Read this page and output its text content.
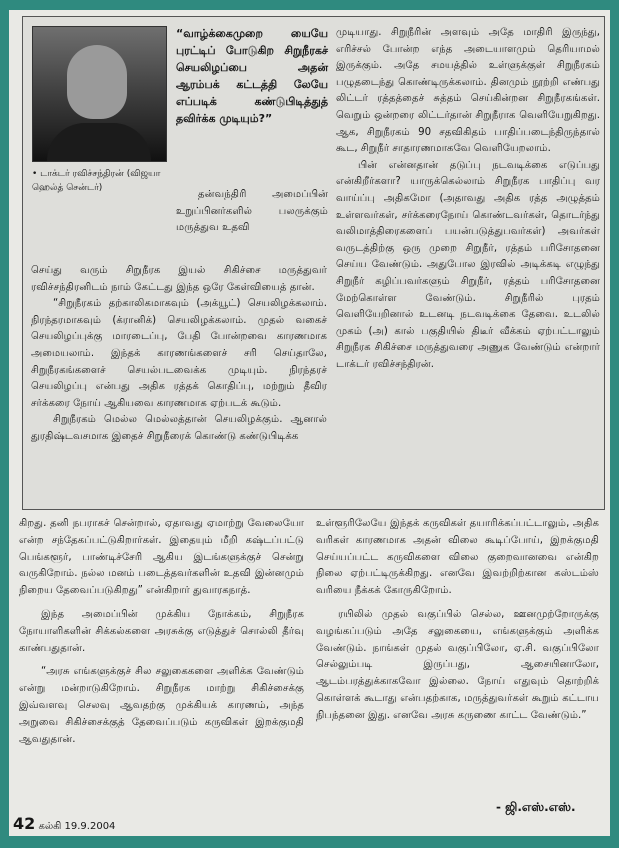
• டாக்டர் ரவிச்சந்திரன் (விஜயா ஹெல்த் சென்டர்)

“வாழ்க்கைமுறை யையே புரட்டிப் போடுகிற சிறுநீரகச் செயலிழப்பை அதன் ஆரம்பக் கட்டத்தி லேயே எப்படிக் கண்டுபிடித்துத் தவிர்க்க முடியும்?”

தன்வந்திரி அமைப்பின் உறுப்பினர்களில் பலருக்கும் மருத்துவ உதவி

செய்து வரும் சிறுநீரக இயல் சிகிச்சை மருத்துவர் ரவிச்சந்திரனிடம் நாம் கேட்டது இந்த ஒரே கேள்வியைத் தான்.

“சிறுநீரகம் தற்காலிகமாகவும் (அக்யூட்) செயலிழக்கலாம். நிரந்தரமாகவும் (க்ரானிக்) செயலிழக்கலாம். முதல் வகைச் செயலிழப்புக்கு மாரடைப்பு, பேதி போன்றவை காரணமாக அமையலாம். இந்தக் காரணங்களைச் சரி செய்தாலே, சிறுநீரகங்களைச் செயல்படவைக்க முடியும். நிரந்தரச் செயலிழப்பு என்பது அதிக ரத்தக் கொதிப்பு, மற்றும் தீவிர சர்க்கரை நோய் ஆகியவை காரணமாக ஏற்படக் கூடும்.

சிறுநீரகம் மெல்ல மெல்லத்தான் செயலிழக்கும். ஆனால் துரதிஷ்டவசமாக இதைச் சிறுநீரைக் கொண்டு கண்டுபிடிக்க

முடியாது. சிறுநீரின் அளவும் அதே மாதிரி இருந்து, எரிச்சல் போன்ற எந்த அடையாளமும் தெரியாமல் இருக்கும். அதே சமயத்தில் உள்ளுக்குள் சிறுநீரகம் பழுதடைந்து கொண்டிருக்கலாம். தினமும் நூற்றி எண்பது லிட்டர் ரத்தத்தைச் சுத்தம் செய்கின்றன சிறுநீரகங்கள். வெறும் ஒன்றரை லிட்டர்தான் சிறுநீராக வெளியேறுகிறது. ஆக, சிறுநீரகம் 90 சதவிகிதம் பாதிப்படைந்திருந்தால் கூட, சிறுநீர் சாதாரணமாகவே வெளியேறலாம்.

பின் என்னதான் தடுப்பு நடவடிக்கை எடுப்பது என்கிறீர்களா? யாருக்கெல்லாம் சிறுநீரக பாதிப்பு வர வாய்ப்பு அதிகமோ (அதாவது அதிக ரத்த அழுத்தம் உள்ளவர்கள், சர்க்கரைநோய் கொண்டவர்கள், தொடர்ந்து வலிமாத்திரைகளைப் பயன்படுத்துபவர்கள்) அவர்கள் வருடத்திற்கு ஒரு முறை சிறுநீர், ரத்தம் பரிசோதனை செய்ய வேண்டும். அதுபோல இரவில் அடிக்கடி எழுந்து சிறுநீர் கழிப்பவர்களும் சிறுநீர், ரத்தம் பரிசோதனை மேற்கொள்ள வேண்டும். சிறுநீரில் புரதம் வெளியேறினால் உடனடி நடவடிக்கை தேவை. உடலில் முகம் (அ) கால் பகுதியில் திடீர் வீக்கம் ஏற்பட்டாலும் சிறுநீரக சிகிச்சை மருத்துவரை அணுக வேண்டும் என்றார் டாக்டர் ரவிச்சந்திரன்.

கிறது. தனி நபராகச் சென்றால், ஏதாவது ஏமாற்று வேலையோ என்ற சந்தேகப்பட்டுகிறார்கள். இதையும் மீறி கஷ்டப்பட்டு பெங்களூர், பாண்டிச்சேரி ஆகிய இடங்களுக்குச் சென்று வருகிறோம். நல்ல மனம் படைத்தவர்களின் உதவி இன்னமும் நிறைய தேவைப்படுகிறது” என்கிறார் துவாரகநாத்.

இந்த அமைப்பின் முக்கிய நோக்கம், சிறுநீரக நோயாளிகளின் சிக்கல்களை அரசுக்கு எடுத்துச் சொல்லி தீர்வு காண்பதுதான்.

“அரசு எங்களுக்குச் சில சலுகைகளை அளிக்க வேண்டும் என்று மன்றாடுகிறோம். சிறுநீரக மாற்று சிகிச்சைக்கு இவ்வளவு செலவு ஆவதற்கு முக்கியக் காரணம், அந்த அறுவை சிகிச்சைக்குத் தேவைப்படும் கருவிகள் இறக்குமதி ஆவதுதான்.

உள்ளூரிலேயே இந்தக் கருவிகள் தயாரிக்கப்பட்டாலும், அதிக வரிகள் காரணமாக அதன் விலை கூடிப்போய், இறக்குமதி செய்யப்பட்ட கருவிகளை விலை குறைவானவை என்கிற நிலை ஏற்பட்டிருக்கிறது. எனவே இவற்றிற்கான கஸ்டம்ஸ் வரியை நீக்கக் கோருகிறோம்.

ரயிலில் முதல் வகுப்பில் செல்ல, ஊனமுற்றோருக்கு வழங்கப்படும் அதே சலுகையை, எங்களுக்கும் அளிக்க வேண்டும். நாங்கள் முதல் வகுப்பிலோ, ஏ.சி. வகுப்பிலோ செல்லும்படி இருப்பது, ஆசையினாலோ, ஆடம்பரத்துக்காகவோ இல்லை. நோய் எதுவும் தொற்றிக் கொள்ளக் கூடாது என்பதற்காக, மருத்துவர்கள் கூறும் கட்டாய நிபந்தனை இது. எனவே அரசு கருணை காட்ட வேண்டும்.”

- ஜி.எஸ்.எஸ்.
42 கல்கி 19.9.2004
